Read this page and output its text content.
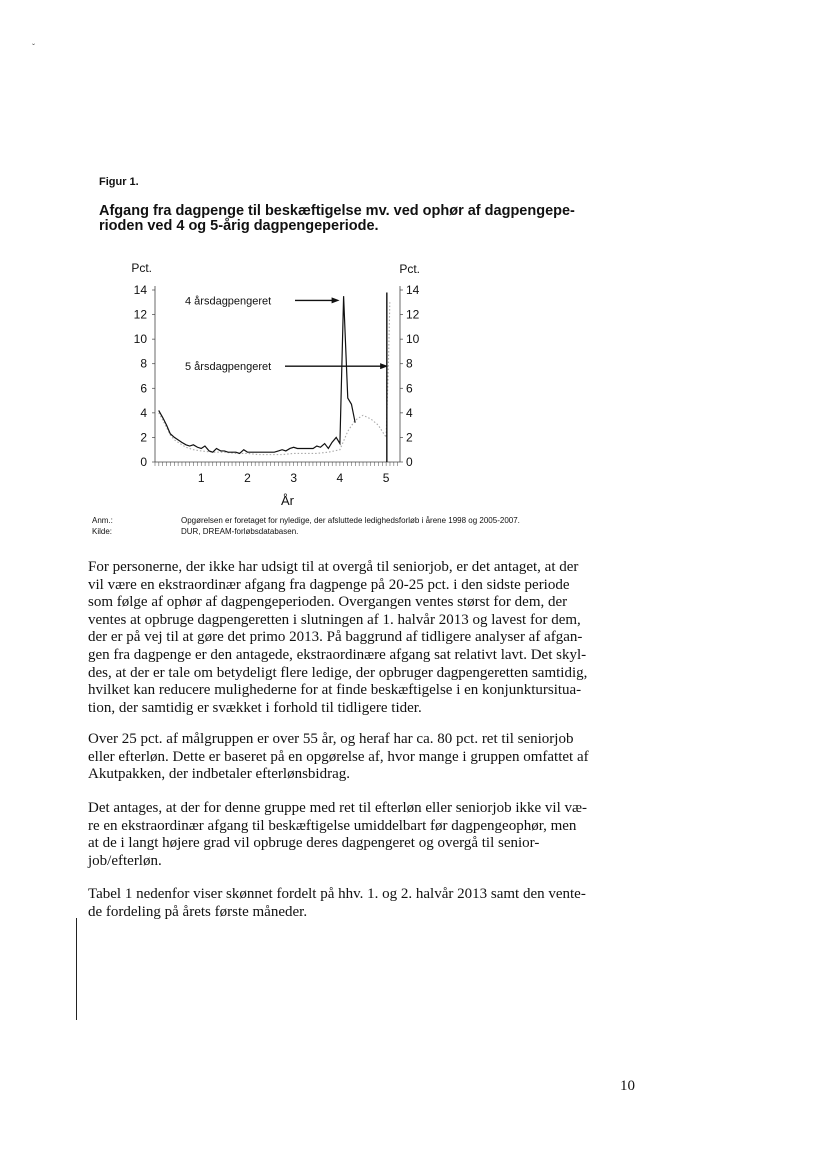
ˇ
Figur 1.
Afgang fra dagpenge til beskæftigelse mv. ved ophør af dagpengepe-
rioden ved 4 og 5-årig dagpengeperiode.
0	0
2	2
4	4
6	6
8	8
10	10
12	12
14	14
1	2	3	4	5
Pct.	Pct.
År
4 årsdagpengeret
5 årsdagpengeret
Anm.:	Opgørelsen er foretaget for nyledige, der afsluttede ledighedsforløb i årene 1998 og 2005-2007.
Kilde:	DUR, DREAM-forløbsdatabasen.
For personerne, der ikke har udsigt til at overgå til seniorjob, er det antaget, at der
vil være en ekstraordinær afgang fra dagpenge på 20-25 pct. i den sidste periode
som følge af ophør af dagpengeperioden. Overgangen ventes størst for dem, der
ventes at opbruge dagpengeretten i slutningen af 1. halvår 2013 og lavest for dem,
der er på vej til at gøre det primo 2013. På baggrund af tidligere analyser af afgan-
gen fra dagpenge er den antagede, ekstraordinære afgang sat relativt lavt. Det skyl-
des, at der er tale om betydeligt flere ledige, der opbruger dagpengeretten samtidig,
hvilket kan reducere mulighederne for at finde beskæftigelse i en konjunktursitua-
tion, der samtidig er svækket i forhold til tidligere tider.
Over 25 pct. af målgruppen er over 55 år, og heraf har ca. 80 pct. ret til seniorjob
eller efterløn. Dette er baseret på en opgørelse af, hvor mange i gruppen omfattet af
Akutpakken, der indbetaler efterlønsbidrag.
Det antages, at der for denne gruppe med ret til efterløn eller seniorjob ikke vil væ-
re en ekstraordinær afgang til beskæftigelse umiddelbart før dagpengeophør, men
at de i langt højere grad vil opbruge deres dagpengeret og overgå til senior-
job/efterløn.
Tabel 1 nedenfor viser skønnet fordelt på hhv. 1. og 2. halvår 2013 samt den vente-
de fordeling på årets første måneder.
10
